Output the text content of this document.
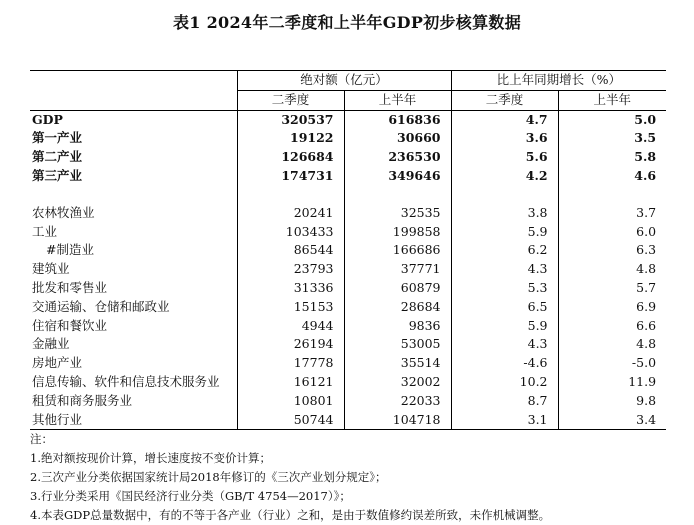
表1 2024年二季度和上半年GDP初步核算数据
	绝对额（亿元）		比上年同期增长（%）	
	二季度	上半年	二季度	上半年
GDP	320537	616836	4.7	5.0
第一产业	19122	30660	3.6	3.5
第二产业	126684	236530	5.6	5.8
第三产业	174731	349646	4.2	4.6

农林牧渔业	20241	32535	3.8	3.7
工业	103433	199858	5.9	6.0
#制造业	86544	166686	6.2	6.3
建筑业	23793	37771	4.3	4.8
批发和零售业	31336	60879	5.3	5.7
交通运输、仓储和邮政业	15153	28684	6.5	6.9
住宿和餐饮业	4944	9836	5.9	6.6
金融业	26194	53005	4.3	4.8
房地产业	17778	35514	-4.6	-5.0
信息传输、软件和信息技术服务业	16121	32002	10.2	11.9
租赁和商务服务业	10801	22033	8.7	9.8
其他行业	50744	104718	3.1	3.4
注：
1.绝对额按现价计算，增长速度按不变价计算；
2.三次产业分类依据国家统计局2018年修订的《三次产业划分规定》；
3.行业分类采用《国民经济行业分类（GB/T 4754—2017）》；
4.本表GDP总量数据中，有的不等于各产业（行业）之和，是由于数值修约误差所致，未作机械调整。
